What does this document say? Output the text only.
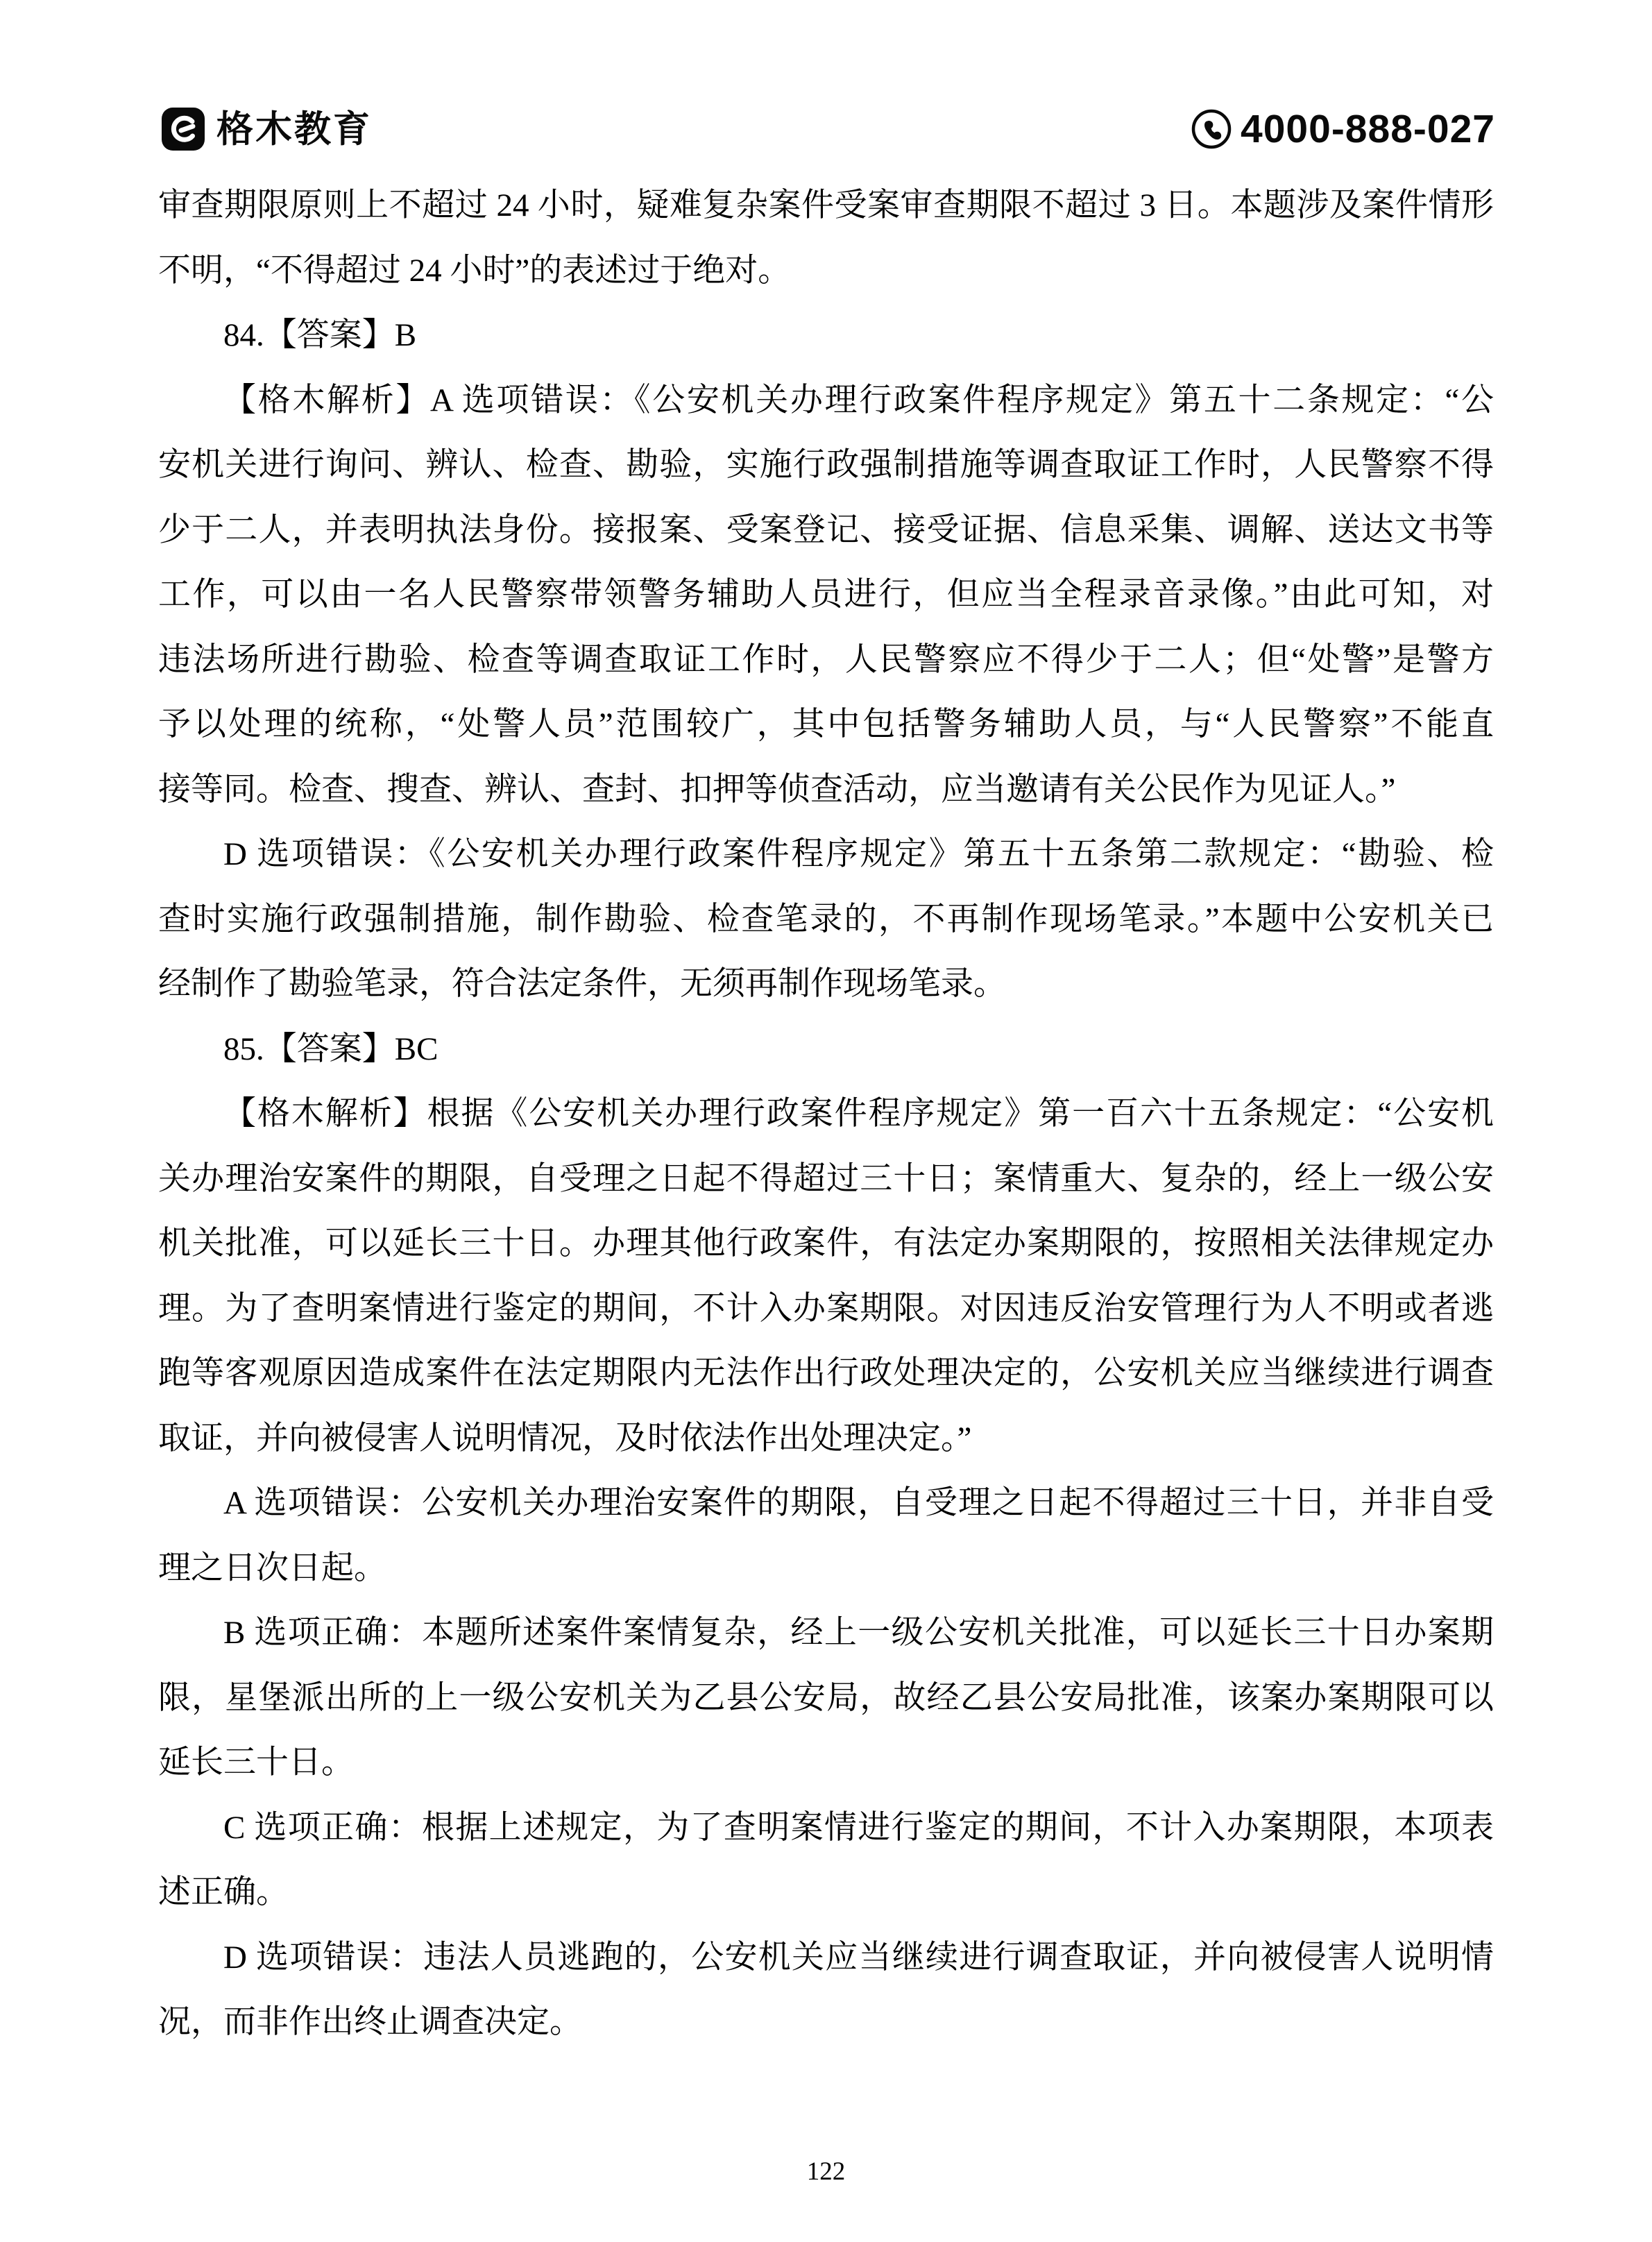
格木教育	4000-888-027
审查期限原则上不超过 24 小时，疑难复杂案件受案审查期限不超过 3 日。本题涉及案件情形
不明，“不得超过 24 小时”的表述过于绝对。
84.【答案】B
【格木解析】A 选项错误：《公安机关办理行政案件程序规定》第五十二条规定：“公
安机关进行询问、辨认、检查、勘验，实施行政强制措施等调查取证工作时，人民警察不得
少于二人，并表明执法身份。接报案、受案登记、接受证据、信息采集、调解、送达文书等
工作，可以由一名人民警察带领警务辅助人员进行，但应当全程录音录像。”由此可知，对
违法场所进行勘验、检查等调查取证工作时，人民警察应不得少于二人；但“处警”是警方
予以处理的统称，“处警人员”范围较广，其中包括警务辅助人员，与“人民警察”不能直
接等同。检查、搜查、辨认、查封、扣押等侦查活动，应当邀请有关公民作为见证人。”
D 选项错误：《公安机关办理行政案件程序规定》第五十五条第二款规定：“勘验、检
查时实施行政强制措施，制作勘验、检查笔录的，不再制作现场笔录。”本题中公安机关已
经制作了勘验笔录，符合法定条件，无须再制作现场笔录。
85.【答案】BC
【格木解析】根据《公安机关办理行政案件程序规定》第一百六十五条规定：“公安机
关办理治安案件的期限，自受理之日起不得超过三十日；案情重大、复杂的，经上一级公安
机关批准，可以延长三十日。办理其他行政案件，有法定办案期限的，按照相关法律规定办
理。为了查明案情进行鉴定的期间，不计入办案期限。对因违反治安管理行为人不明或者逃
跑等客观原因造成案件在法定期限内无法作出行政处理决定的，公安机关应当继续进行调查
取证，并向被侵害人说明情况，及时依法作出处理决定。”
A 选项错误：公安机关办理治安案件的期限，自受理之日起不得超过三十日，并非自受
理之日次日起。
B 选项正确：本题所述案件案情复杂，经上一级公安机关批准，可以延长三十日办案期
限，星堡派出所的上一级公安机关为乙县公安局，故经乙县公安局批准，该案办案期限可以
延长三十日。
C 选项正确：根据上述规定，为了查明案情进行鉴定的期间，不计入办案期限，本项表
述正确。
D 选项错误：违法人员逃跑的，公安机关应当继续进行调查取证，并向被侵害人说明情
况，而非作出终止调查决定。
122
